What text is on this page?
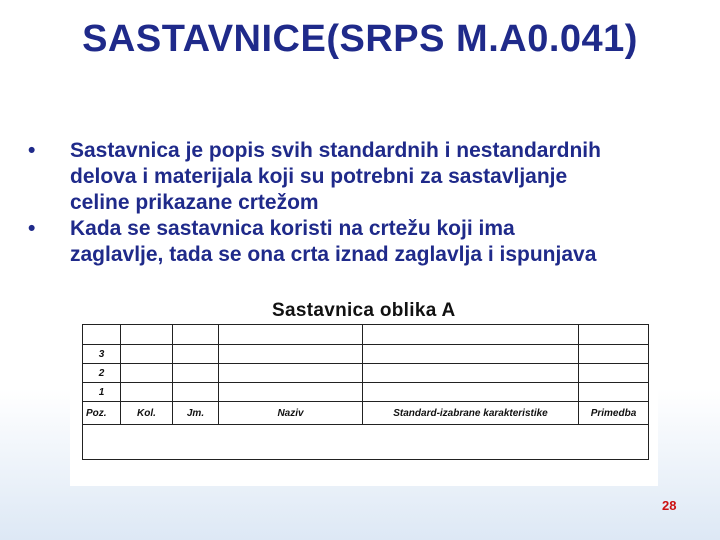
SASTAVNICE(SRPS M.A0.041)
•	Sastavnica je popis svih standardnih i nestandardnih
delova i materijala koji su potrebni za sastavljanje
celine prikazane crtežom
•	Kada se sastavnica koristi na crtežu koji ima
zaglavlje, tada se ona crta iznad zaglavlja i ispunjava
Sastavnica oblika A

3					
2					
1					
Poz.	Kol.	Jm.	Naziv	Standard-izabrane karakteristike	Primedba

28
